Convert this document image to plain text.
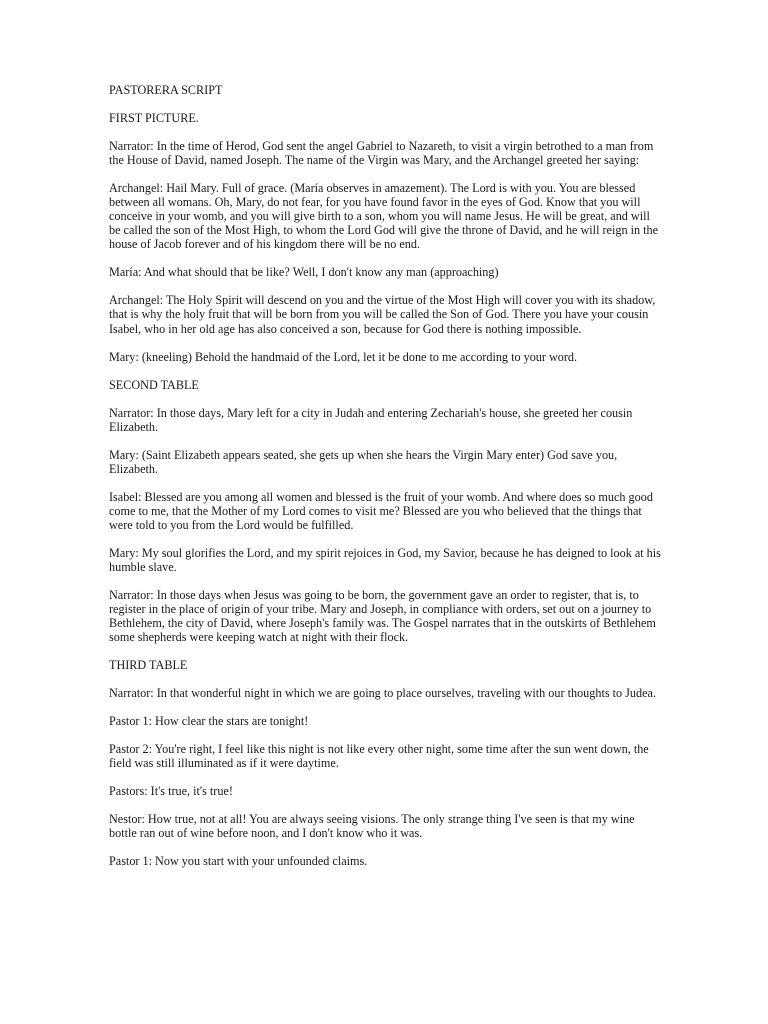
PASTORERA SCRIPT

FIRST PICTURE.

Narrator: In the time of Herod, God sent the angel Gabriel to Nazareth, to visit a virgin betrothed to a man from the House of David, named Joseph. The name of the Virgin was Mary, and the Archangel greeted her saying:

Archangel: Hail Mary. Full of grace. (María observes in amazement). The Lord is with you. You are blessed between all womans. Oh, Mary, do not fear, for you have found favor in the eyes of God. Know that you will conceive in your womb, and you will give birth to a son, whom you will name Jesus. He will be great, and will be called the son of the Most High, to whom the Lord God will give the throne of David, and he will reign in the house of Jacob forever and of his kingdom there will be no end.

María: And what should that be like? Well, I don't know any man (approaching)

Archangel: The Holy Spirit will descend on you and the virtue of the Most High will cover you with its shadow, that is why the holy fruit that will be born from you will be called the Son of God. There you have your cousin Isabel, who in her old age has also conceived a son, because for God there is nothing impossible.

Mary: (kneeling) Behold the handmaid of the Lord, let it be done to me according to your word.

SECOND TABLE

Narrator: In those days, Mary left for a city in Judah and entering Zechariah's house, she greeted her cousin Elizabeth.

Mary: (Saint Elizabeth appears seated, she gets up when she hears the Virgin Mary enter) God save you, Elizabeth.

Isabel: Blessed are you among all women and blessed is the fruit of your womb. And where does so much good come to me, that the Mother of my Lord comes to visit me? Blessed are you who believed that the things that were told to you from the Lord would be fulfilled.

Mary: My soul glorifies the Lord, and my spirit rejoices in God, my Savior, because he has deigned to look at his humble slave.

Narrator: In those days when Jesus was going to be born, the government gave an order to register, that is, to register in the place of origin of your tribe. Mary and Joseph, in compliance with orders, set out on a journey to Bethlehem, the city of David, where Joseph's family was. The Gospel narrates that in the outskirts of Bethlehem some shepherds were keeping watch at night with their flock.

THIRD TABLE

Narrator: In that wonderful night in which we are going to place ourselves, traveling with our thoughts to Judea.

Pastor 1: How clear the stars are tonight!

Pastor 2: You're right, I feel like this night is not like every other night, some time after the sun went down, the field was still illuminated as if it were daytime.

Pastors: It's true, it's true!

Nestor: How true, not at all! You are always seeing visions. The only strange thing I've seen is that my wine bottle ran out of wine before noon, and I don't know who it was.

Pastor 1: Now you start with your unfounded claims.
